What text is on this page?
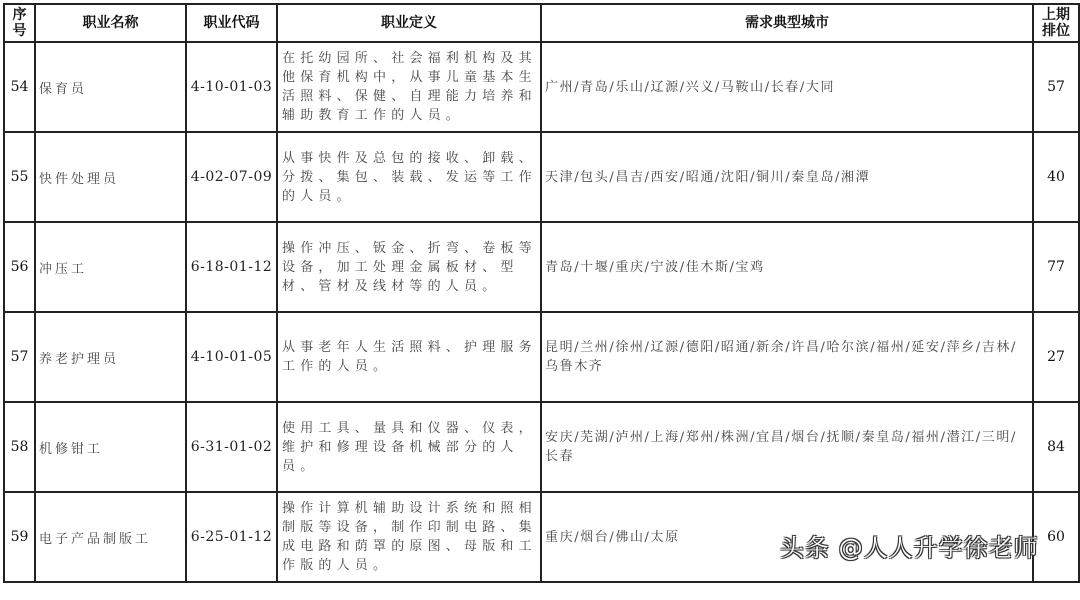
序号	职业名称	职业代码	职业定义	需求典型城市	上期排位
54	保育员	4-10-01-03	在托幼园所、社会福利机构及其他保育机构中，从事儿童基本生活照料、保健、自理能力培养和辅助教育工作的人员。	广州/青岛/乐山/辽源/兴义/马鞍山/长春/大同	57
55	快件处理员	4-02-07-09	从事快件及总包的接收、卸载、分拨、集包、装载、发运等工作的人员。	天津/包头/昌吉/西安/昭通/沈阳/铜川/秦皇岛/湘潭	40
56	冲压工	6-18-01-12	操作冲压、钣金、折弯、卷板等设备，加工处理金属板材、型材、管材及线材等的人员。	青岛/十堰/重庆/宁波/佳木斯/宝鸡	77
57	养老护理员	4-10-01-05	从事老年人生活照料、护理服务工作的人员。	昆明/兰州/徐州/辽源/德阳/昭通/新余/许昌/哈尔滨/福州/延安/萍乡/吉林/乌鲁木齐	27
58	机修钳工	6-31-01-02	使用工具、量具和仪器、仪表，维护和修理设备机械部分的人员。	安庆/芜湖/泸州/上海/郑州/株洲/宜昌/烟台/抚顺/秦皇岛/福州/潜江/三明/长春	84
59	电子产品制版工	6-25-01-12	操作计算机辅助设计系统和照相制版等设备，制作印制电路、集成电路和荫罩的原图、母版和工作版的人员。	重庆/烟台/佛山/太原	60
头条 @人人升学徐老师
